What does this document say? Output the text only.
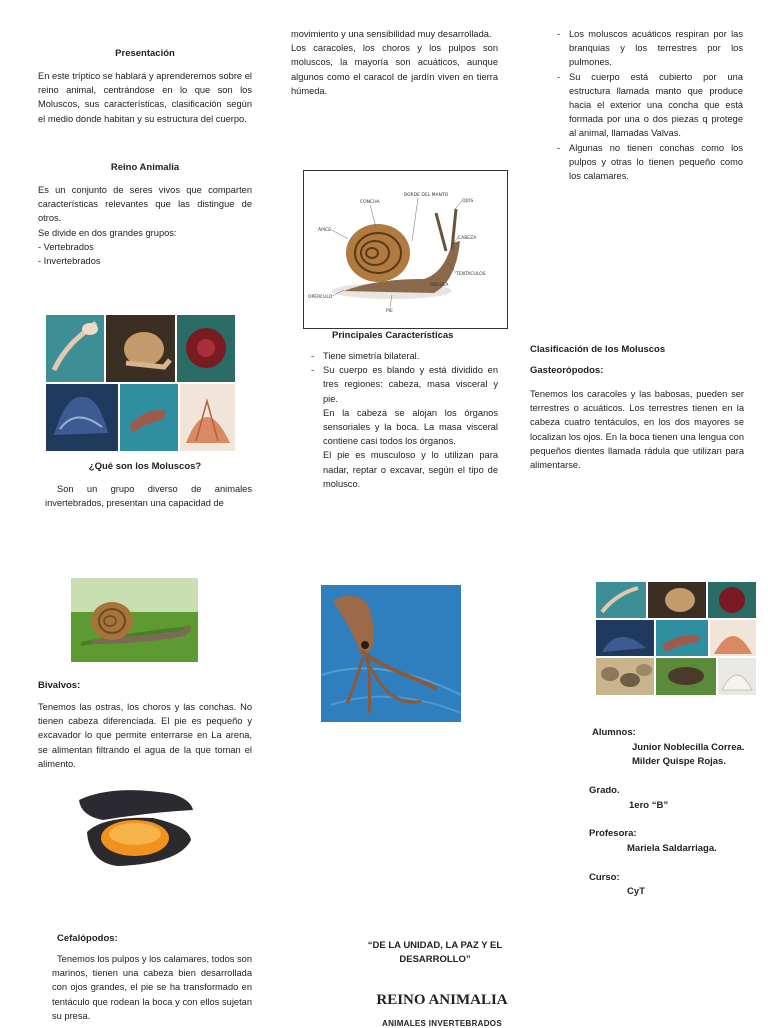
Presentación
En este tríptico se hablará y aprenderemos sobre el reino animal, centrándose en lo que son los Moluscos, sus características, clasificación según el medio donde habitan y su estructura del cuerpo.
Reino Animalia

Es un conjunto de seres vivos que comparten características relevantes que las distingue de otros.

Se divide en dos grandes grupos:

- Vertebrados

- Invertebrados

¿Qué son los Moluscos?
Son un grupo diverso de animales invertebrados, presentan una capacidad de

movimiento y una sensibilidad muy desarrollada.

Los caracoles, los choros y los pulpos son moluscos, la mayoría son acuáticos, aunque algunos como el caracol de jardín viven en tierra húmeda.

CONCHA
BORDE DEL MANTO
OJOS
ÁPICE
CABEZA
TENTÁCULOS
RÁDULA
OPÉRCULO
PIE
Principales Características
- Tiene simetría bilateral.
- Su cuerpo es blando y está dividido en tres regiones: cabeza, masa visceral y pie.
En la cabeza se alojan los órganos sensoriales y la boca. La masa visceral contiene casi todos los órganos.
El pie es musculoso y lo utilizan para nadar, reptar o excavar, según el tipo de molusco.
- Los moluscos acuáticos respiran por las branquias y los terrestres por los pulmones.
- Su cuerpo está cubierto por una estructura llamada manto que produce hacia el exterior una concha que está formada por una o dos piezas q protege al animal, llamadas Valvas.
- Algunas no tienen conchas como los pulpos y otras lo tienen pequeño como los calamares.
Clasificación de los Moluscos
Gasteorópodos:
Tenemos los caracoles y las babosas, pueden ser terrestres o acuáticos. Los terrestres tienen en la cabeza cuatro tentáculos, en los dos mayores se localizan los ojos. En la boca tienen una lengua con pequeños dientes llamada rádula que utilizan para alimentarse.
Bivalvos:
Tenemos las ostras, los choros y las conchas. No tienen cabeza diferenciada. El pie es pequeño y excavador lo que permite enterrarse en La arena, se alimentan filtrando el agua de la que toman el alimento.
Cefalópodos:
Tenemos los pulpos y los calamares, todos son marinos, tienen una cabeza bien desarrollada con ojos grandes, el pie se ha transformado en tentáculo que rodean la boca y con ellos sujetan su presa.
“DE LA UNIDAD, LA PAZ Y EL DESARROLLO”
REINO ANIMALIA
ANIMALES INVERTEBRADOS
Alumnos:
Junior Noblecilla Correa.
Milder Quispe Rojas.
Grado.
1ero “B”
Profesora:
Mariela Saldarriaga.
Curso:
CyT
